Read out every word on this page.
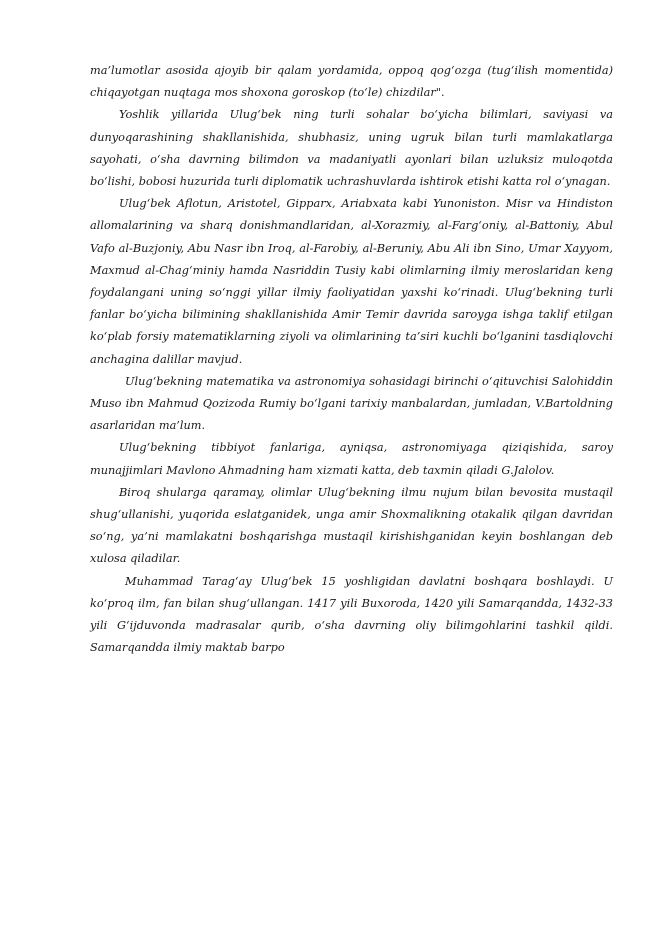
ma’lumotlar asosida ajoyib bir qalam yordamida, oppoq qog‘ozga (tug‘ilish momentida) chiqayotgan nuqtaga mos shoxona goroskop (to‘le) chizdilar".

Yoshlik yillarida Ulug‘bek ning turli sohalar bo‘yicha bilimlari, saviyasi va dunyoqarashining shakllanishida, shubhasiz, uning ugruk bilan turli mamlakatlarga sayohati, o‘sha davrning bilimdon va madaniyatli ayonlari bilan uzluksiz muloqotda bo‘lishi, bobosi huzurida turli diplomatik uchrashuvlarda ishtirok etishi katta rol o‘ynagan.

Ulug‘bek Aflotun, Aristotel, Gipparx, Ariabxata kabi Yunoniston. Misr va Hindiston allomalarining va sharq donishmandlaridan, al-Xorazmiy, al-Farg‘oniy, al-Battoniy, Abul Vafo al-Buzjoniy, Abu Nasr ibn Iroq, al-Farobiy, al-Beruniy, Abu Ali ibn Sino, Umar Xayyom, Maxmud al-Chag‘miniy hamda Nasriddin Tusiy kabi olimlarning ilmiy meroslaridan keng foydalangani uning so‘nggi yillar ilmiy faoliyatidan yaxshi ko‘rinadi. Ulug‘bekning turli fanlar bo‘yicha bilimining shakllanishida Amir Temir davrida saroyga ishga taklif etilgan ko‘plab forsiy matematiklarning ziyoli va olimlarining ta’siri kuchli bo‘lganini tasdiqlovchi anchagina dalillar mavjud.

Ulug‘bekning matematika va astronomiya sohasidagi birinchi o‘qituvchisi Salohiddin Muso ibn Mahmud Qozizoda Rumiy bo‘lgani tarixiy manbalardan, jumladan, V.Bartoldning asarlaridan ma’lum.

Ulug‘bekning tibbiyot fanlariga, ayniqsa, astronomiyaga qiziqishida, saroy munajjimlari Mavlono Ahmadning ham xizmati katta, deb taxmin qiladi G.Jalolov.

Biroq shularga qaramay, olimlar Ulug‘bekning ilmu nujum bilan bevosita mustaqil shug‘ullanishi, yuqorida eslatganidek, unga amir Shoxmalikning otakalik qilgan davridan so‘ng, ya’ni mamlakatni boshqarishga mustaqil kirishishganidan keyin boshlangan deb xulosa qiladilar.

Muhammad Tarag‘ay Ulug‘bek 15 yoshligidan davlatni boshqara boshlaydi. U ko‘proq ilm, fan bilan shug‘ullangan. 1417 yili Buxoroda, 1420 yili Samarqandda, 1432-33 yili G‘ijduvonda madrasalar qurib, o‘sha davrning oliy bilimgohlarini tashkil qildi. Samarqandda ilmiy maktab barpo
